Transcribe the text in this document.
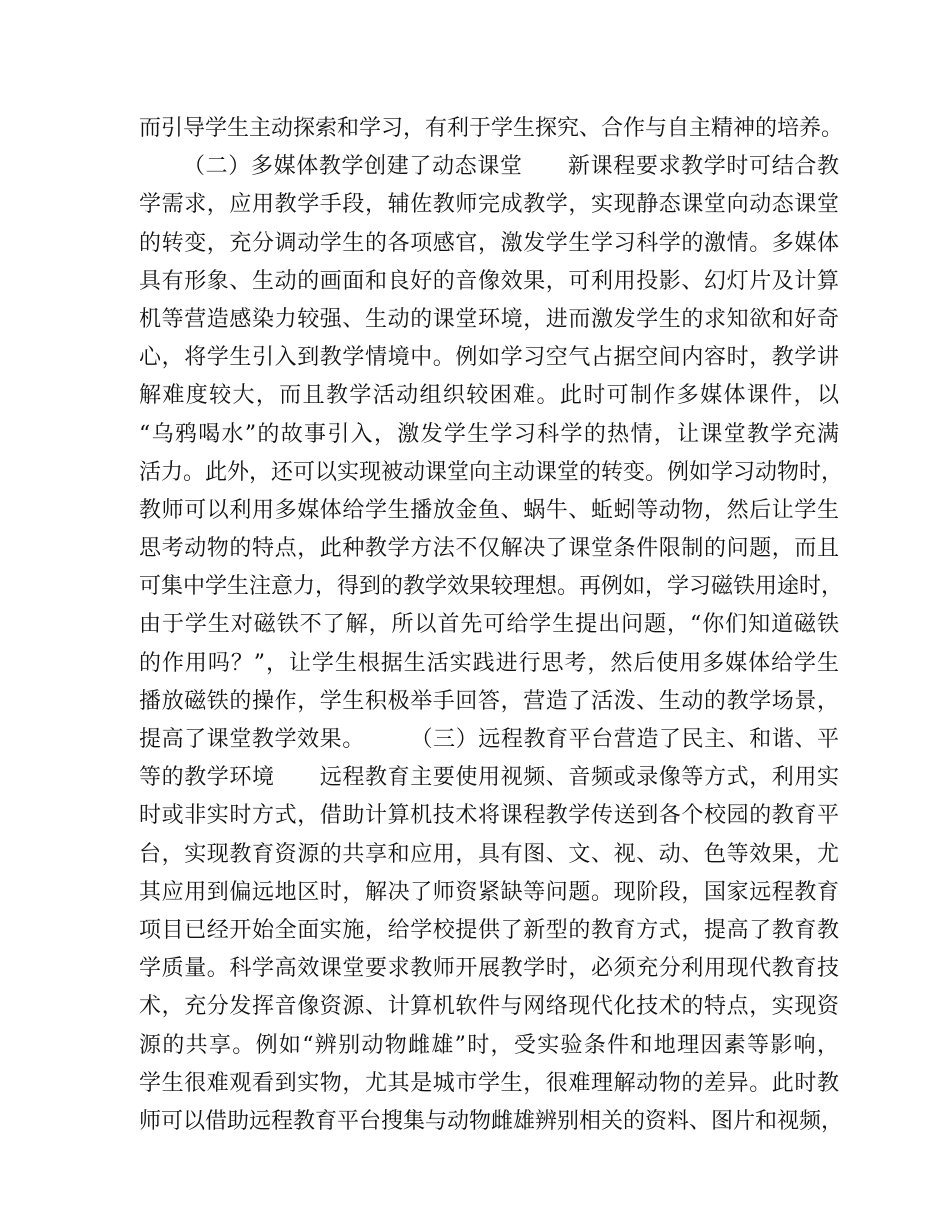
而引导学生主动探索和学习，有利于学生探究、合作与自主精神的培养。
（二）多媒体教学创建了动态课堂　　新课程要求教学时可结合教
学需求，应用教学手段，辅佐教师完成教学，实现静态课堂向动态课堂
的转变，充分调动学生的各项感官，激发学生学习科学的激情。多媒体
具有形象、生动的画面和良好的音像效果，可利用投影、幻灯片及计算
机等营造感染力较强、生动的课堂环境，进而激发学生的求知欲和好奇
心，将学生引入到教学情境中。例如学习空气占据空间内容时，教学讲
解难度较大，而且教学活动组织较困难。此时可制作多媒体课件，以
“乌鸦喝水”的故事引入，激发学生学习科学的热情，让课堂教学充满
活力。此外，还可以实现被动课堂向主动课堂的转变。例如学习动物时，
教师可以利用多媒体给学生播放金鱼、蜗牛、蚯蚓等动物，然后让学生
思考动物的特点，此种教学方法不仅解决了课堂条件限制的问题，而且
可集中学生注意力，得到的教学效果较理想。再例如，学习磁铁用途时，
由于学生对磁铁不了解，所以首先可给学生提出问题，“你们知道磁铁
的作用吗？”，让学生根据生活实践进行思考，然后使用多媒体给学生
播放磁铁的操作，学生积极举手回答，营造了活泼、生动的教学场景，
提高了课堂教学效果。　　　（三）远程教育平台营造了民主、和谐、平
等的教学环境　　远程教育主要使用视频、音频或录像等方式，利用实
时或非实时方式，借助计算机技术将课程教学传送到各个校园的教育平
台，实现教育资源的共享和应用，具有图、文、视、动、色等效果，尤
其应用到偏远地区时，解决了师资紧缺等问题。现阶段，国家远程教育
项目已经开始全面实施，给学校提供了新型的教育方式，提高了教育教
学质量。科学高效课堂要求教师开展教学时，必须充分利用现代教育技
术，充分发挥音像资源、计算机软件与网络现代化技术的特点，实现资
源的共享。例如“辨别动物雌雄”时，受实验条件和地理因素等影响，
学生很难观看到实物，尤其是城市学生，很难理解动物的差异。此时教
师可以借助远程教育平台搜集与动物雌雄辨别相关的资料、图片和视频，
